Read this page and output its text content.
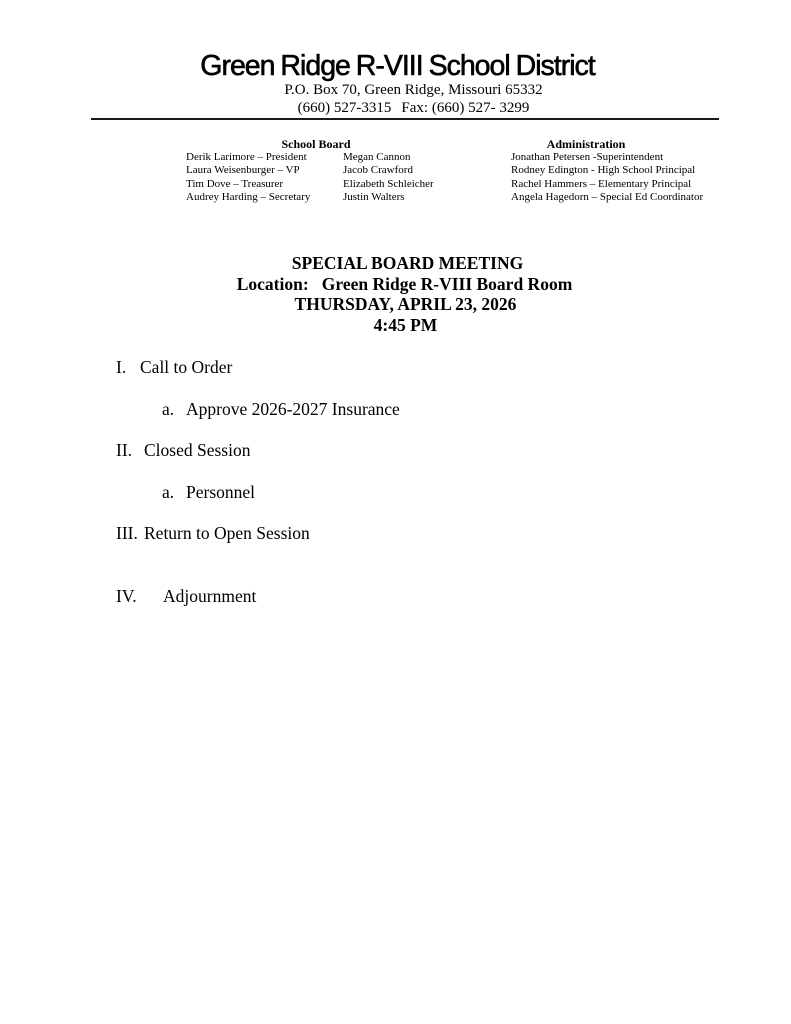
Green Ridge R-VIII School District
P.O. Box 70, Green Ridge, Missouri 65332
(660) 527-3315 Fax: (660) 527- 3299
School Board	Administration
Derik Larimore – President
Laura Weisenburger – VP
Tim Dove – Treasurer
Audrey Harding – Secretary
Megan Cannon
Jacob Crawford
Elizabeth Schleicher
Justin Walters
Jonathan Petersen -Superintendent
Rodney Edington - High School Principal
Rachel Hammers – Elementary Principal
Angela Hagedorn – Special Ed Coordinator
SPECIAL BOARD MEETING
Location:   Green Ridge R-VIII Board Room
THURSDAY, APRIL 23, 2026
4:45 PM
I. Call to Order
a. Approve 2026-2027 Insurance
II. Closed Session
a. Personnel
III. Return to Open Session
IV. Adjournment
